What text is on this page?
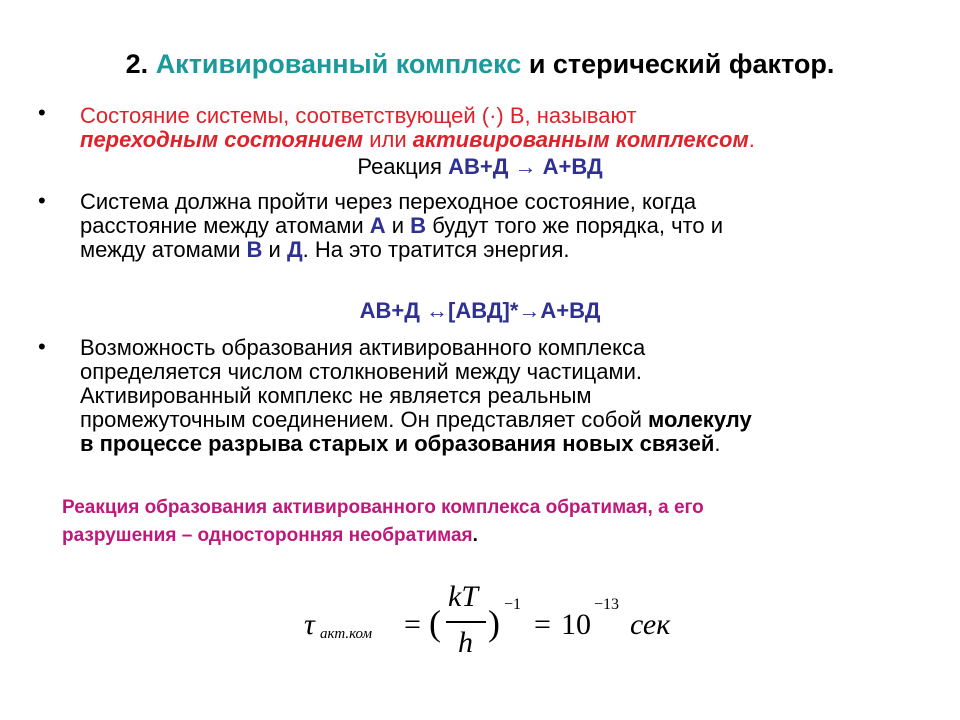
2. Активированный комплекс и стерический фактор.
• Состояние системы, соответствующей (·) В, называют
переходным состоянием или активированным комплексом.
Реакция АВ+Д → А+ВД
• Система должна пройти через переходное состояние, когда
расстояние между атомами А и В будут того же порядка, что и
между атомами В и Д. На это тратится энергия.
АВ+Д ↔[АВД]*→А+ВД
• Возможность образования активированного комплекса
определяется числом столкновений между частицами.
Активированный комплекс не является реальным
промежуточным соединением. Он представляет собой молекулу
в процессе разрыва старых и образования новых связей.
Реакция образования активированного комплекса обратимая, а его
разрушения – односторонняя необратимая.
τ акт.ком = (
kT
h ) −1
= 10
−13
сек
